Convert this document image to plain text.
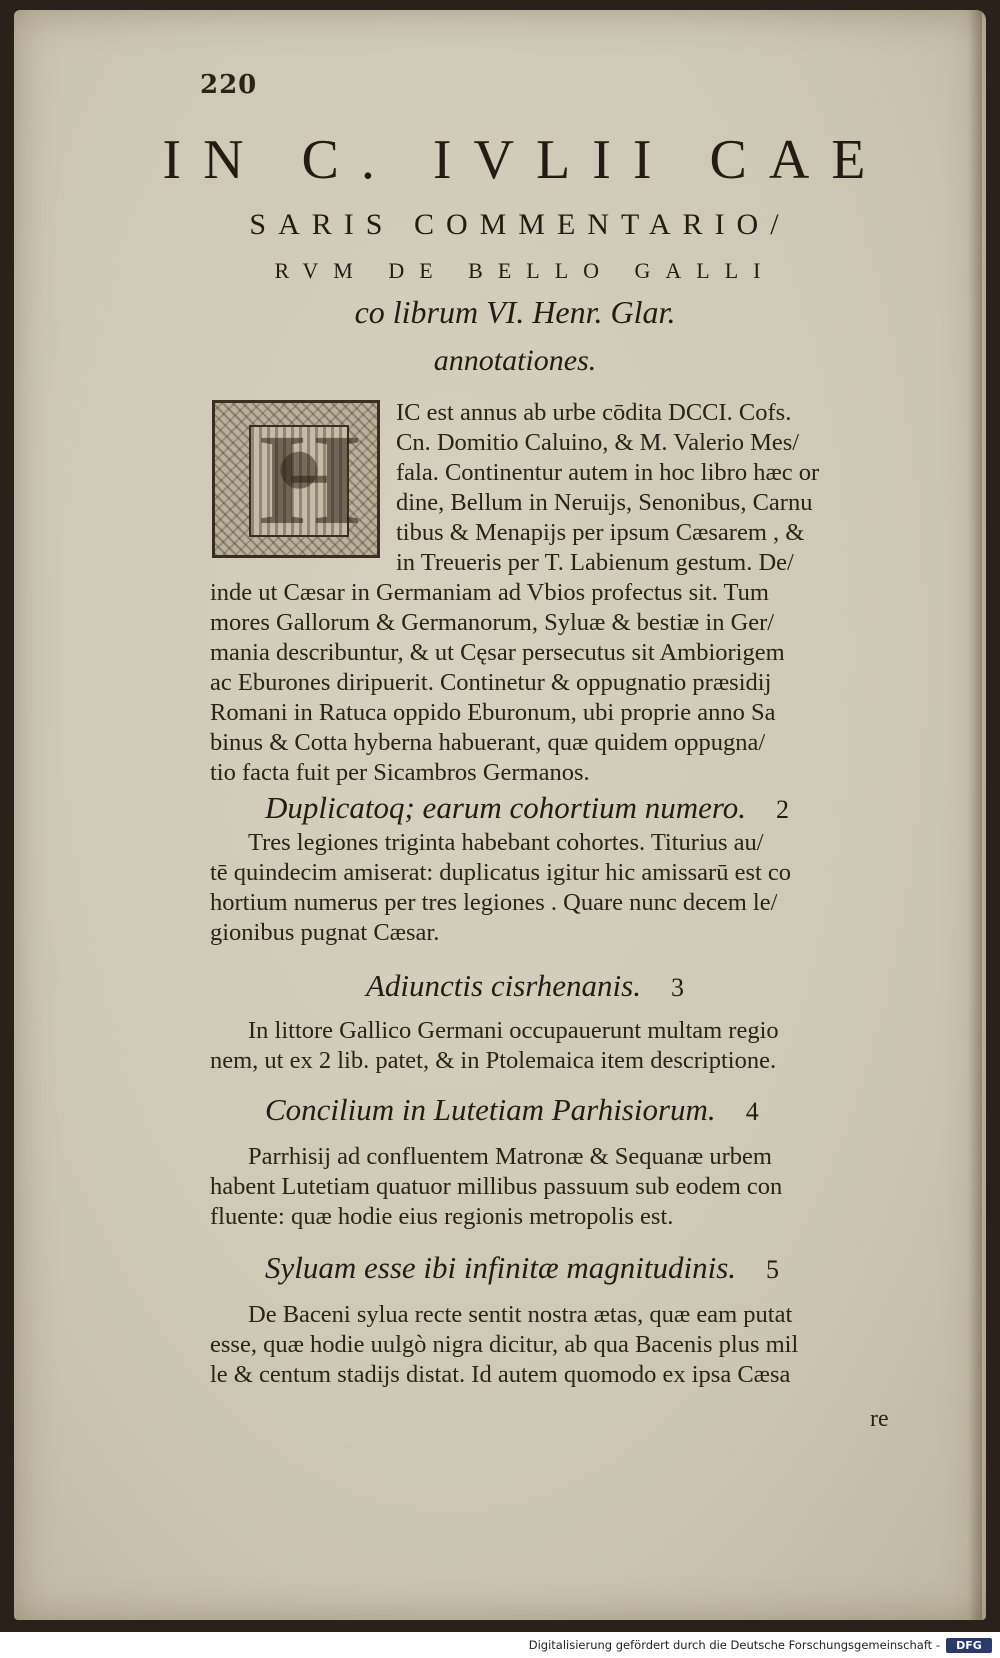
220
IN C. IVLII CAE
SARIS COMMENTARIO/
RVM DE BELLO GALLI
co librum VI. Henr. Glar.
annotationes.
H	IC est annus ab urbe cōdita DCCI. Cofs.
Cn. Domitio Caluino, & M. Valerio Mes/
fala. Continentur autem in hoc libro hæc or
dine, Bellum in Neruijs, Senonibus, Carnu
tibus & Menapijs per ipsum Cæsarem , &
in Treueris per T. Labienum gestum. De/
inde ut Cæsar in Germaniam ad Vbios profectus sit. Tum
mores Gallorum & Germanorum, Syluæ & bestiæ in Ger/
mania describuntur, & ut Cęsar persecutus sit Ambiorigem
ac Eburones diripuerit. Continetur & oppugnatio præsidij
Romani in Ratuca oppido Eburonum, ubi proprie anno Sa
binus & Cotta hyberna habuerant, quæ quidem oppugna/
tio facta fuit per Sicambros Germanos.
Duplicatoq; earum cohortium numero. 2
Tres legiones triginta habebant cohortes. Titurius au/
tē quindecim amiserat: duplicatus igitur hic amissarū est co
hortium numerus per tres legiones . Quare nunc decem le/
gionibus pugnat Cæsar.
Adiunctis cisrhenanis. 3
In littore Gallico Germani occupauerunt multam regio
nem, ut ex 2 lib. patet, & in Ptolemaica item descriptione.
Concilium in Lutetiam Parhisiorum. 4
Parrhisij ad confluentem Matronæ & Sequanæ urbem
habent Lutetiam quatuor millibus passuum sub eodem con
fluente: quæ hodie eius regionis metropolis est.
Syluam esse ibi infinitæ magnitudinis. 5
De Baceni sylua recte sentit nostra ætas, quæ eam putat
esse, quæ hodie uulgò nigra dicitur, ab qua Bacenis plus mil
le & centum stadijs distat. Id autem quomodo ex ipsa Cæsa
re
Digitalisierung gefördert durch die Deutsche Forschungsgemeinschaft -	DFG
